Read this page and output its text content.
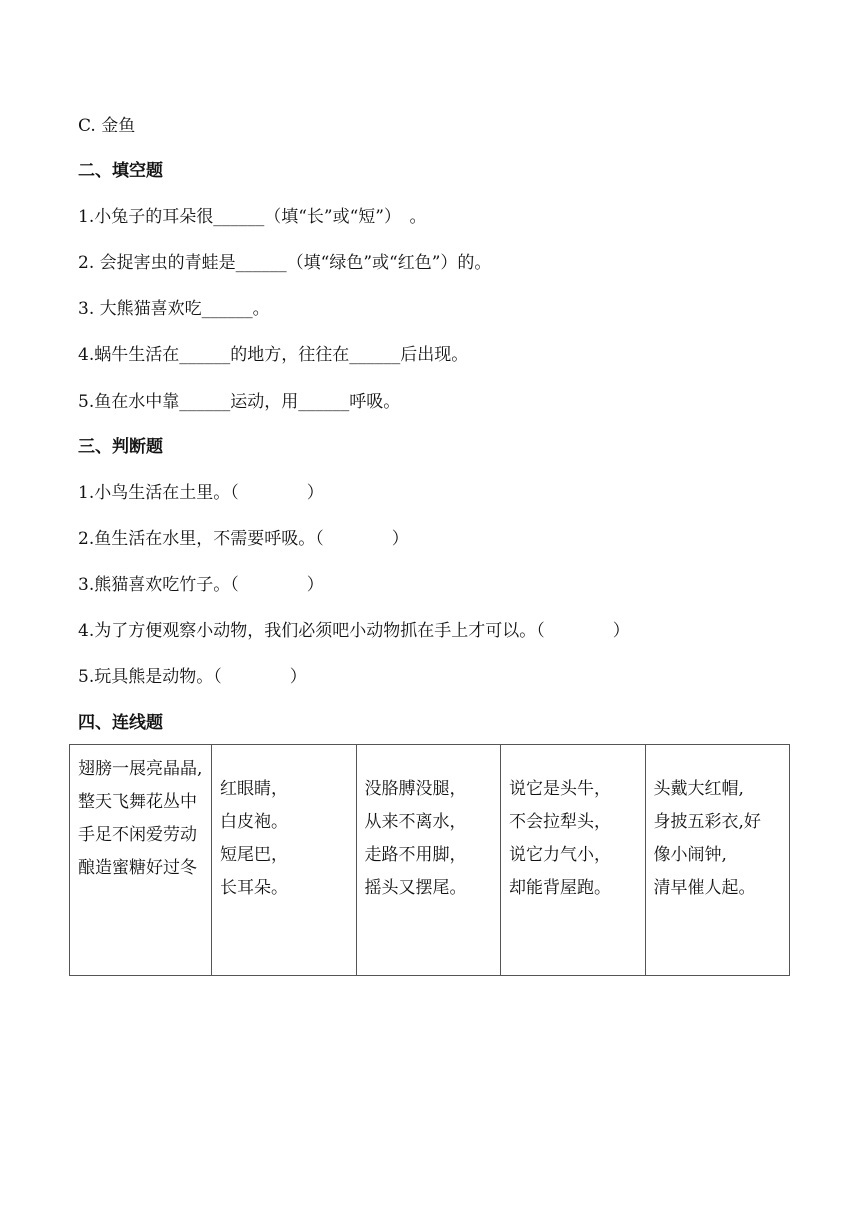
C. 金鱼
二、填空题
1.小兔子的耳朵很______（填“长”或“短”）　。
2. 会捉害虫的青蛙是______（填“绿色”或“红色”）的。
3. 大熊猫喜欢吃______。
4.蜗牛生活在______的地方，往往在______后出现。
5.鱼在水中靠______运动，用______呼吸。
三、判断题
1.小鸟生活在土里。（　　　　）
2.鱼生活在水里，不需要呼吸。（　　　　）
3.熊猫喜欢吃竹子。（　　　　）
4.为了方便观察小动物，我们必须吧小动物抓在手上才可以。（　　　　）
5.玩具熊是动物。（　　　　）
四、连线题
翅膀一展亮晶晶,整天飞舞花丛中手足不闲爱劳动酿造蜜糖好过冬	
红眼睛，
白皮袍。
短尾巴，
长耳朵。

没胳膊没腿，
从来不离水，
走路不用脚，
摇头又摆尾。

说它是头牛，
不会拉犁头，
说它力气小，
却能背屋跑。

头戴大红帽,
身披五彩衣,好
像小闹钟,
清早催人起。
